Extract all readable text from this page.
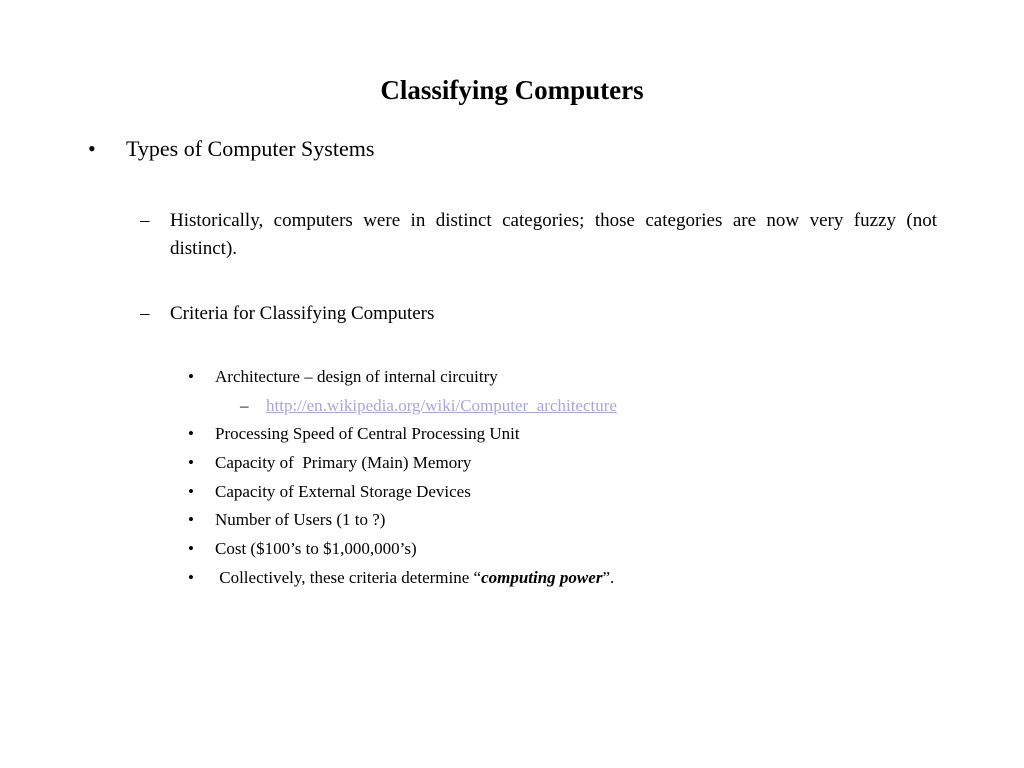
Classifying Computers
• Types of Computer Systems
– Historically, computers were in distinct categories; those categories are now very fuzzy (not distinct).
– Criteria for Classifying Computers
• Architecture – design of internal circuitry
– http://en.wikipedia.org/wiki/Computer_architecture
• Processing Speed of Central Processing Unit
• Capacity of  Primary (Main) Memory
• Capacity of External Storage Devices
• Number of Users (1 to ?)
• Cost ($100’s to $1,000,000’s)
• Collectively, these criteria determine “computing power”.
